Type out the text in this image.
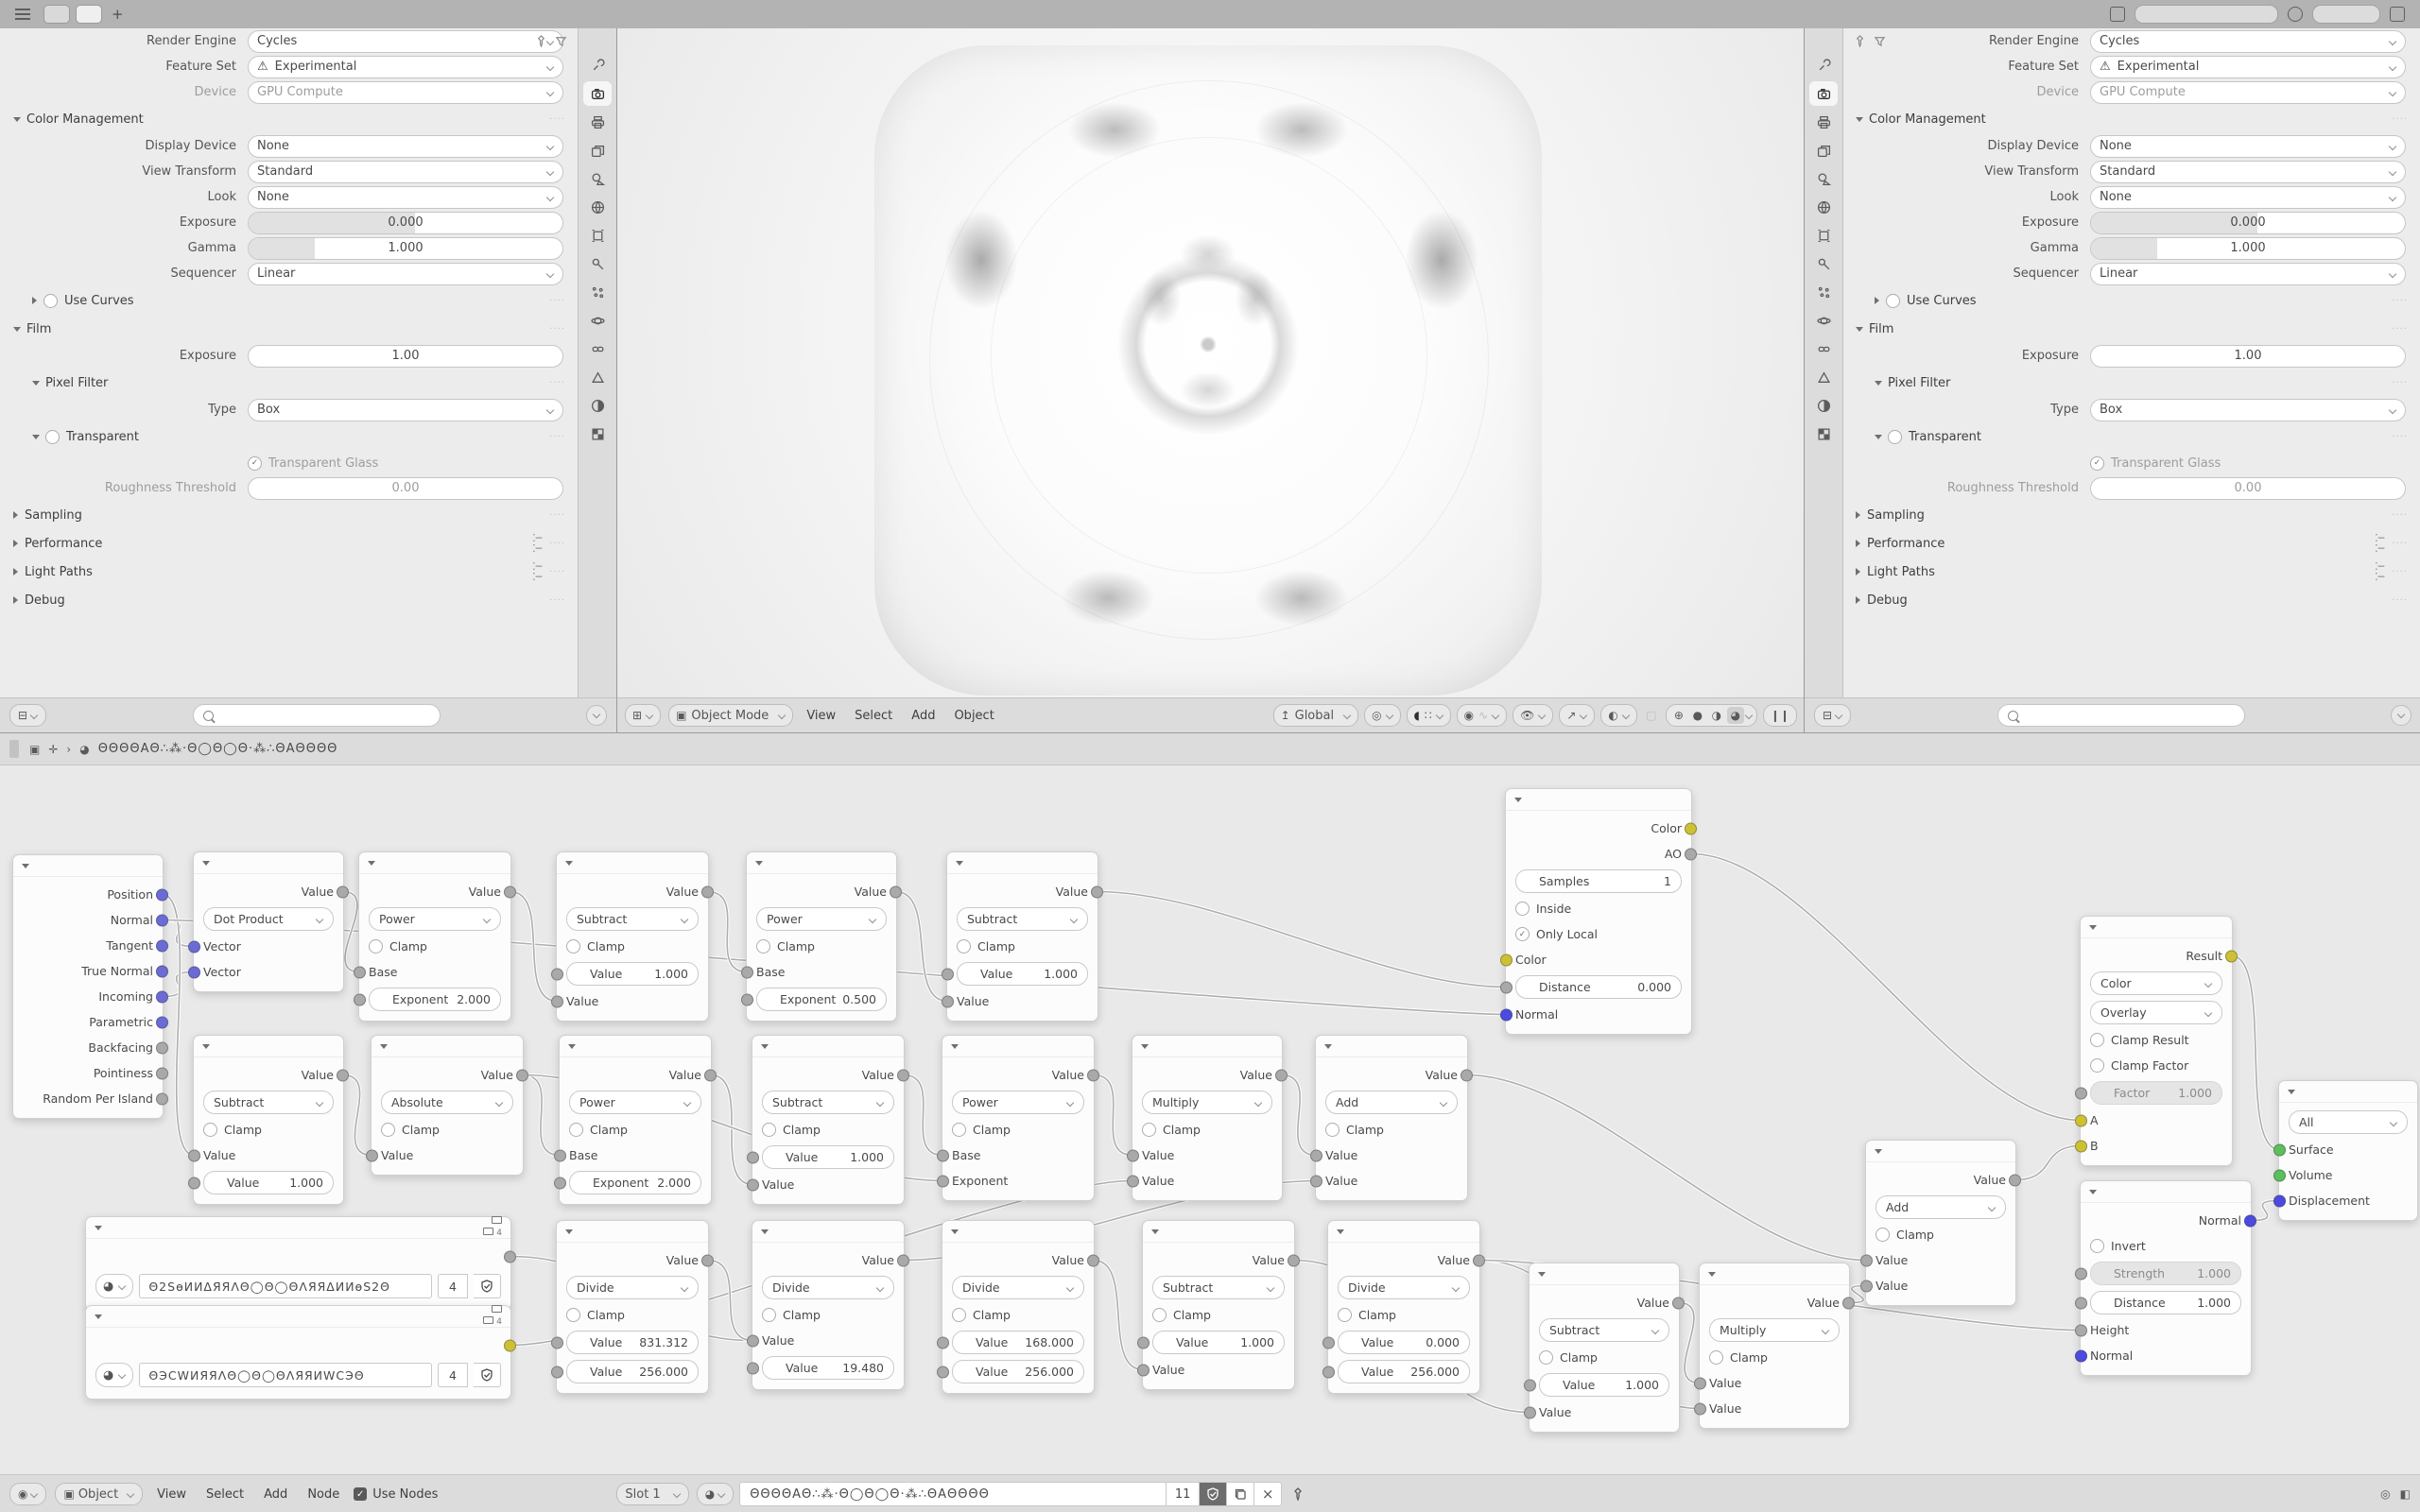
+
Render Engine	Cycles
Feature Set	⚠ Experimental
Device	GPU Compute
Color Management	····
Display Device	None
View Transform	Standard
Look	None
Exposure	0.000
Gamma	1.000
Sequencer	Linear
Use Curves	····
Film	····
Exposure	1.00
Pixel Filter	····
Type	Box
Transparent	····
✓ Transparent Glass
Roughness Threshold	0.00
Sampling	····
Performance	⁚─
⁚─ ····
Light Paths	⁚─
⁚─ ····
Debug	····
⊟	⊞	▣ Object Mode	View	Select	Add	Object	↥ Global	◎	◖ ∷	◉ ∿	👁	↗	◐ ▢	⊕ ● ◑ ◕	❙❙
Render Engine	Cycles
Feature Set	⚠ Experimental
Device	GPU Compute
Color Management	····
Display Device	None
View Transform	Standard
Look	None
Exposure	0.000
Gamma	1.000
Sequencer	Linear
Use Curves	····
Film	····
Exposure	1.00
Pixel Filter	····
Type	Box
Transparent	····
✓ Transparent Glass
Roughness Threshold	0.00
Sampling	····
Performance	⁚─
⁚─ ····
Light Paths	⁚─
⁚─ ····
Debug	····
⊟
▣ ✛ › ◕ ΘΘΘΘΑΘ∴⁂·Θ◯Θ◯Θ·⁂∴ΘΑΘΘΘΘ
Position
Normal
Tangent
True Normal
Incoming
Parametric
Backfacing
Pointiness
Random Per Island
Value
Dot Product
Vector
Vector
Value
Power
Clamp
Base
Exponent 2.000
Value
Subtract
Clamp
Value	1.000
Value
Value
Power
Clamp
Base
Exponent 0.500
Value
Subtract
Clamp
Value	1.000
Value
Value
Subtract
Clamp
Value
Value	1.000
Value
Absolute
Clamp
Value
Value
Power
Clamp
Base
Exponent 2.000
Value
Subtract
Clamp
Value	1.000
Value
Value
Power
Clamp
Base
Exponent
Value
Multiply
Clamp
Value
Value
Value
Add
Clamp
Value
Value
4
◕	Θ2ЅѳИИΔЯЯΛΘ◯Θ◯ΘΛЯЯΔИИѳЅ2Θ	4
4
◕	ΘЭСWИЯЯΛΘ◯Θ◯ΘΛЯЯИWСЭΘ	4
Value
Divide
Clamp
Value 831.312
Value 256.000
Value
Divide
Clamp
Value
Value 19.480
Value
Divide
Clamp
Value 168.000
Value 256.000
Value
Subtract
Clamp
Value	1.000
Value
Value
Divide
Clamp
Value	0.000
Value 256.000
Color
AO
Samples	1
Inside
✓ Only Local
Color
Distance	0.000
Normal
Value
Subtract
Clamp
Value	1.000
Value
Value
Multiply
Clamp
Value
Value
Value
Add
Clamp
Value
Value
Result
Color
Overlay
Clamp Result
Clamp Factor
Factor 1.000
A
B
Normal
Invert
Strength	1.000
Distance	1.000
Height
Normal
All
Surface
Volume
Displacement
◉	▣ Object	View	Select	Add	Node	✓ Use Nodes	Slot 1	◕	ΘΘΘΘΑΘ∴⁂·Θ◯Θ◯Θ·⁂∴ΘΑΘΘΘΘ	11	×	◎ ◧
